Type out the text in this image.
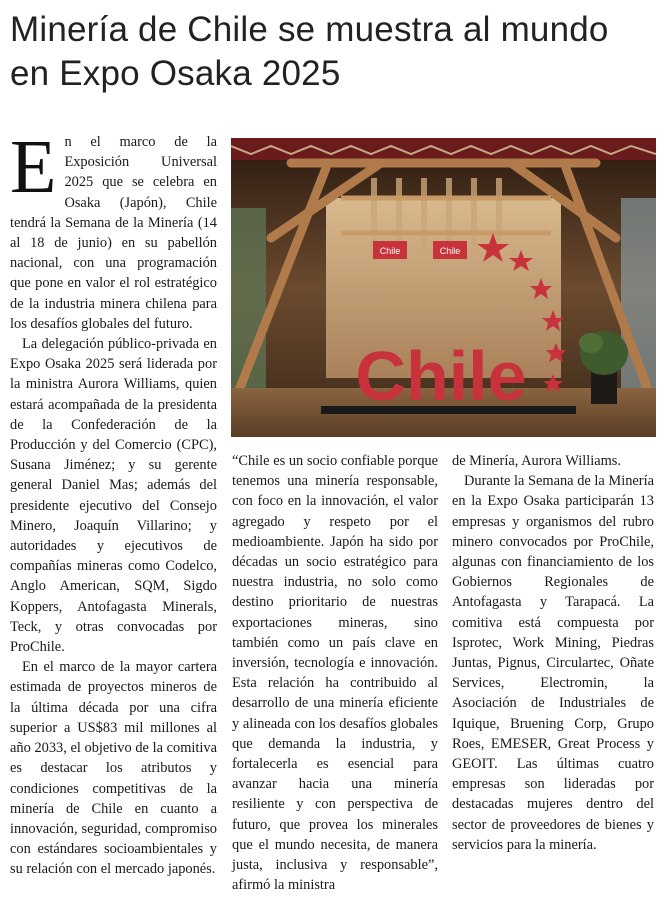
Minería de Chile se muestra al mundo en Expo Osaka 2025

En el marco de la Exposición Universal 2025 que se celebra en Osaka (Japón), Chile tendrá la Semana de la Minería (14 al 18 de junio) en su pabellón nacional, con una programación que pone en valor el rol estratégico de la industria minera chilena para los desafíos globales del futuro.

La delegación público-privada en Expo Osaka 2025 será liderada por la ministra Aurora Williams, quien estará acompañada de la presidenta de la Confederación de la Producción y del Comercio (CPC), Susana Jiménez; y su gerente general Daniel Mas; además del presidente ejecutivo del Consejo Minero, Joaquín Villarino; y autoridades y ejecutivos de compañías mineras como Codelco, Anglo American, SQM, Sigdo Koppers, Antofagasta Minerals, Teck, y otras convocadas por ProChile.

En el marco de la mayor cartera estimada de proyectos mineros de la última década por una cifra superior a US$83 mil millones al año 2033, el objetivo de la comitiva es destacar los atributos y condiciones competitivas de la minería de Chile en cuanto a innovación, seguridad, compromiso con estándares socioambientales y su relación con el mercado japonés.

Chile	Chile
Chile

“Chile es un socio confiable porque tenemos una minería responsable, con foco en la innovación, el valor agregado y respeto por el medioambiente. Japón ha sido por décadas un socio estratégico para nuestra industria, no solo como destino prioritario de nuestras exportaciones mineras, sino también como un país clave en inversión, tecnología e innovación. Esta relación ha contribuido al desarrollo de una minería eficiente y alineada con los desafíos globales que demanda la industria, y fortalecerla es esencial para avanzar hacia una minería resiliente y con perspectiva de futuro, que provea los minerales que el mundo necesita, de manera justa, inclusiva y responsable”, afirmó la ministra

de Minería, Aurora Williams.

Durante la Semana de la Minería en la Expo Osaka participarán 13 empresas y organismos del rubro minero convocados por ProChile, algunas con financiamiento de los Gobiernos Regionales de Antofagasta y Tarapacá. La comitiva está compuesta por Isprotec, Work Mining, Piedras Juntas, Pignus, Circulartec, Oñate Services, Electromin, la Asociación de Industriales de Iquique, Bruening Corp, Grupo Roes, EMESER, Great Process y GEOIT. Las últimas cuatro empresas son lideradas por destacadas mujeres dentro del sector de proveedores de bienes y servicios para la minería.
